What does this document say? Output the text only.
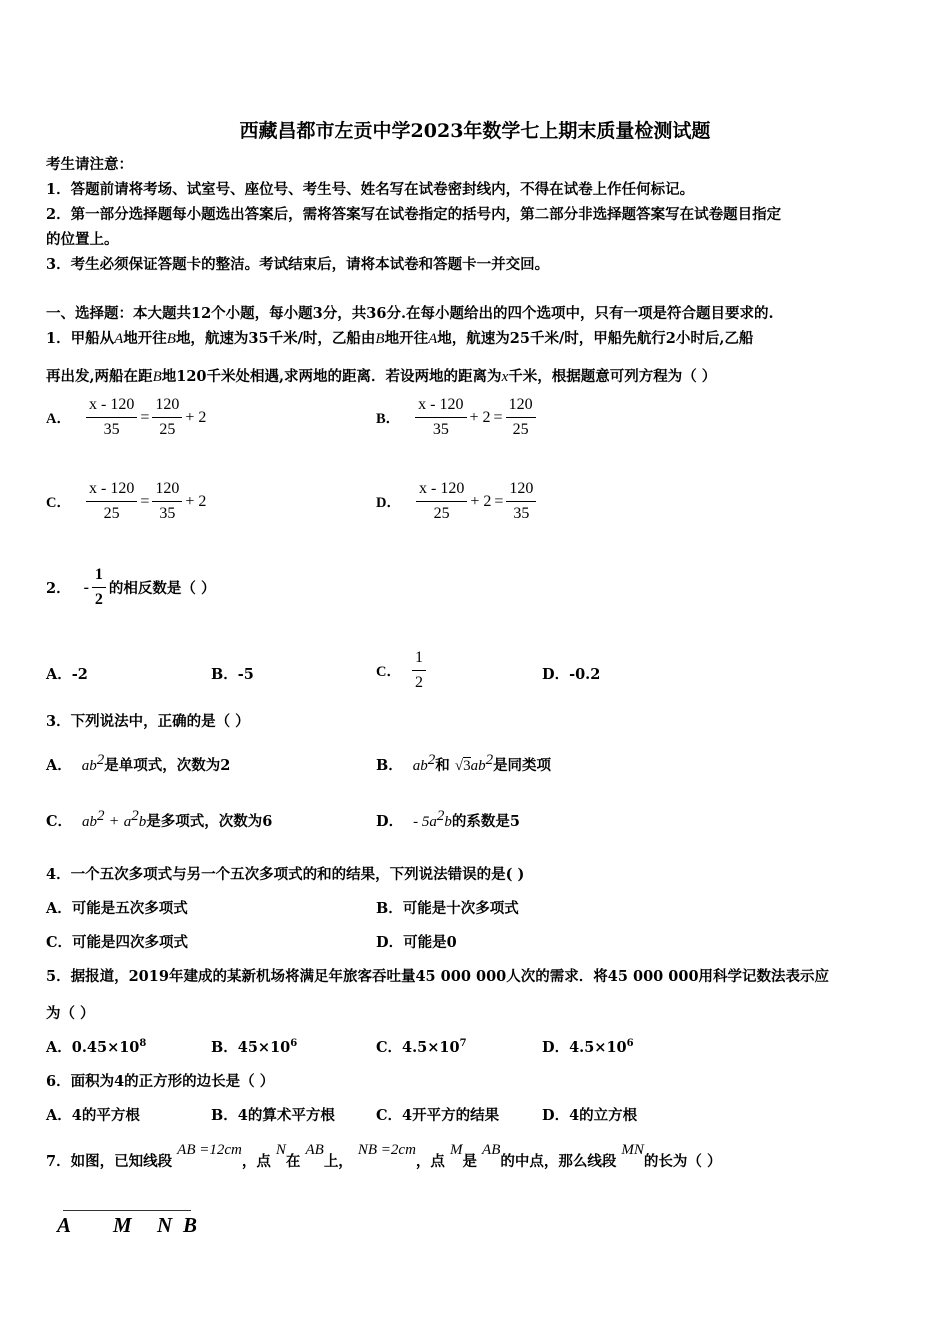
西藏昌都市左贡中学2023年数学七上期末质量检测试题
考生请注意：
1．答题前请将考场、试室号、座位号、考生号、姓名写在试卷密封线内，不得在试卷上作任何标记。
2．第一部分选择题每小题选出答案后，需将答案写在试卷指定的括号内，第二部分非选择题答案写在试卷题目指定
的位置上。
3．考生必须保证答题卡的整洁。考试结束后，请将本试卷和答题卡一并交回。
一、选择题：本大题共12个小题，每小题3分，共36分.在每小题给出的四个选项中，只有一项是符合题目要求的.
1．甲船从A地开往B地，航速为35千米/时，乙船由B地开往A地，航速为25千米/时，甲船先航行2小时后,乙船
再出发,两船在距B地120千米处相遇,求两地的距离．若设两地的距离为x千米，根据题意可列方程为（ ）
A． $\frac{x - 120}{35} = \frac{120}{25} + 2$	B． $\frac{x - 120}{35} + 2 = \frac{120}{25}$
C． $\frac{x - 120}{25} = \frac{120}{35} + 2$	D． $\frac{x - 120}{25} + 2 = \frac{120}{35}$
2． - $\frac{1}{2}$ 的相反数是（ ）
A．-2	B．-5	C． $\frac{1}{2}$	D．-0.2
3．下列说法中，正确的是（ ）
A． $ab^2$是单项式，次数为2	B． $ab^2$和 $√3ab^2$是同类项
C． $ab^2 + a^2b$是多项式，次数为6	D． - $5a^2b$的系数是5
4．一个五次多项式与另一个五次多项式的和的结果，下列说法错误的是( )
A．可能是五次多项式	B．可能是十次多项式
C．可能是四次多项式	D．可能是0
5．据报道，2019年建成的某新机场将满足年旅客吞吐量45 000 000人次的需求．将45 000 000用科学记数法表示应
为（ ）
A．$0.45\times 10^8$	B．$45\times 10^6$	C．$4.5\times 10^7$	D．$4.5\times 10^6$
6．面积为4的正方形的边长是（ ）
A．4的平方根	B．4的算术平方根	C．4开平方的结果	D．4的立方根
7．如图，已知线段 AB =12cm，点 N在 AB上， NB =2cm，点 M是 AB的中点，那么线段 MN的长为（ ）
A M N B
